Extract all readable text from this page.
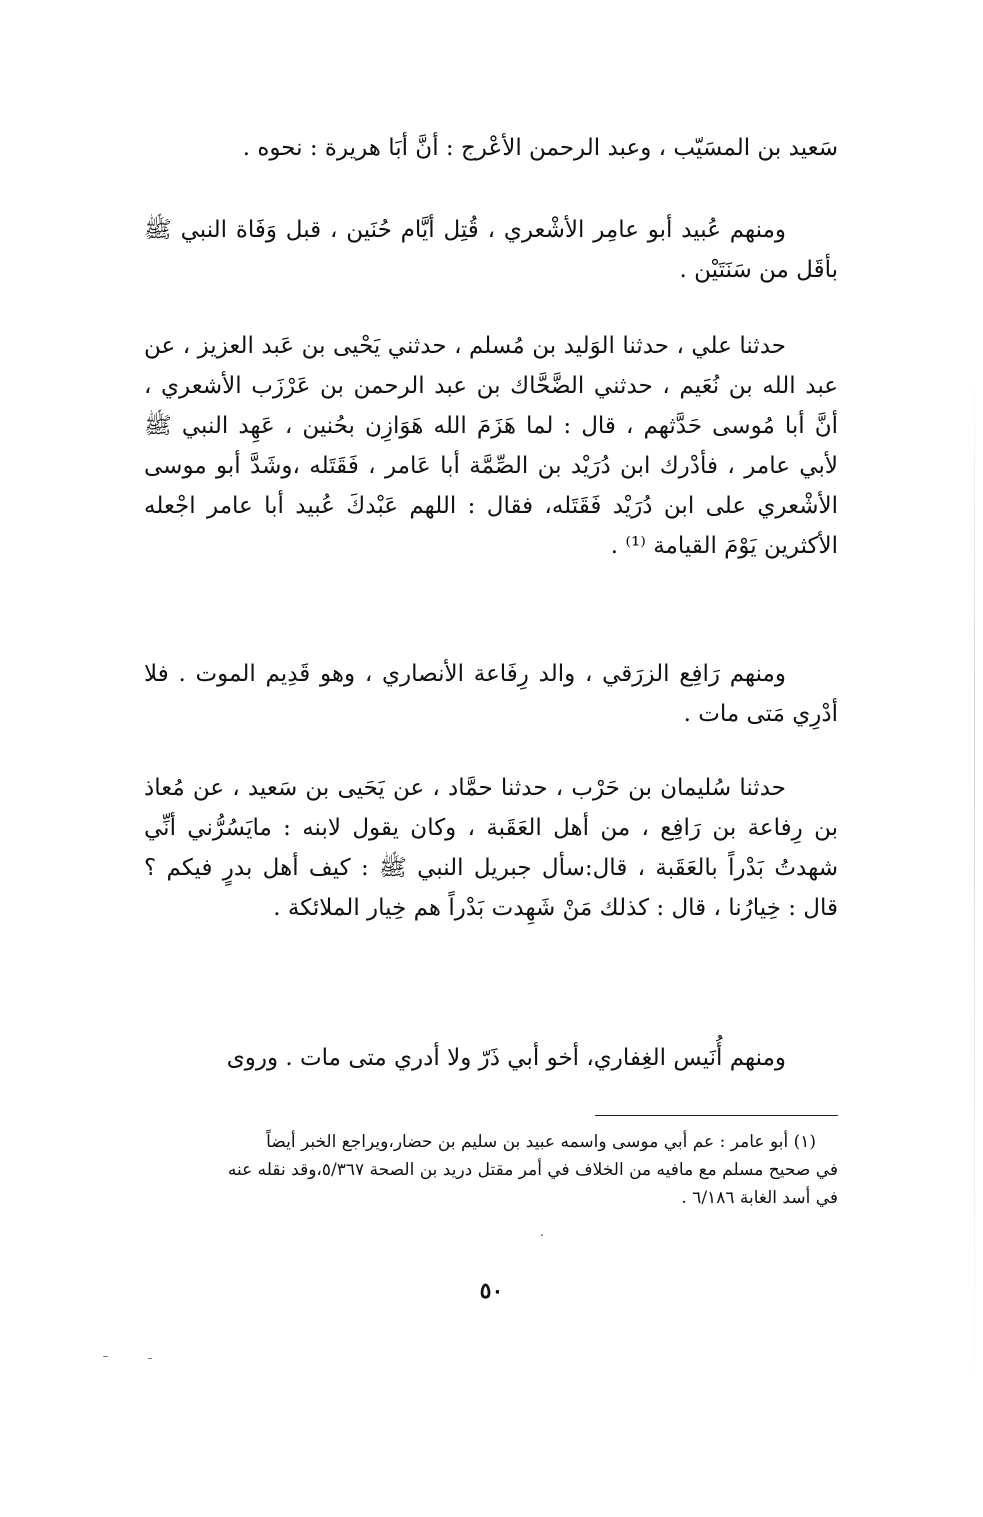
سَعيد بن المسَيّب ، وعبد الرحمن الأعْرج : أنَّ أبَا هريرة : نحوه .

ومنهم عُبيد أبو عامِر الأشْعري ، قُتِل أيَّام حُنَين ، قبل وَفَاة النبي ﷺ بأقَل من سَنَتَيْن .

حدثنا علي ، حدثنا الوَليد بن مُسلم ، حدثني يَحْيى بن عَبد العزيز ، عن عبد الله بن نُعَيم ، حدثني الضَّحَّاك بن عبد الرحمن بن عَرْزَب الأشعري ، أنَّ أبا مُوسى حَدَّثهم ، قال : لما هَزَمَ الله هَوَازِن بحُنين ، عَهِد النبي ﷺ لأبي عامر ، فأدْرك ابن دُرَيْد بن الصِّمَّة أبا عَامر ، فَقَتَله ،وشَدَّ أبو موسى الأشْعري على ابن دُرَيْد فَقَتَله، فقال : اللهم عَبْدكَ عُبيد أبا عامر اجْعله الأكثرين يَوْمَ القيامة ⁽¹⁾ .

ومنهم رَافِع الزرَقي ، والد رِفَاعة الأنصاري ، وهو قَدِيم الموت . فلا أدْرِي مَتى مات .

حدثنا سُليمان بن حَرْب ، حدثنا حمَّاد ، عن يَحَيى بن سَعيد ، عن مُعاذ بن رِفاعة بن رَافِع ، من أهل العَقَبة ، وكان يقول لابنه : مايَسُرُّني أنِّي شهدتُ بَدْراً بالعَقَبة ، قال:سأل جبريل النبي ﷺ : كيف أهل بدرٍ فيكم ؟ قال : خِيارُنا ، قال : كذلك مَنْ شَهِدت بَدْراً هم خِيار الملائكة .

ومنهم أُنَيس الغِفاري، أخو أبي ذَرّ ولا أدري متى مات . وروى

(١) أبو عامر : عم أبي موسى واسمه عبيد بن سليم بن حضار،ويراجع الخبر أيضاً
في صحيح مسلم مع مافيه من الخلاف في أمر مقتل دريد بن الصحة ٥/٣٦٧،وقد نقله عنه
في أسد الغابة ٦/١٨٦ .
٥٠
